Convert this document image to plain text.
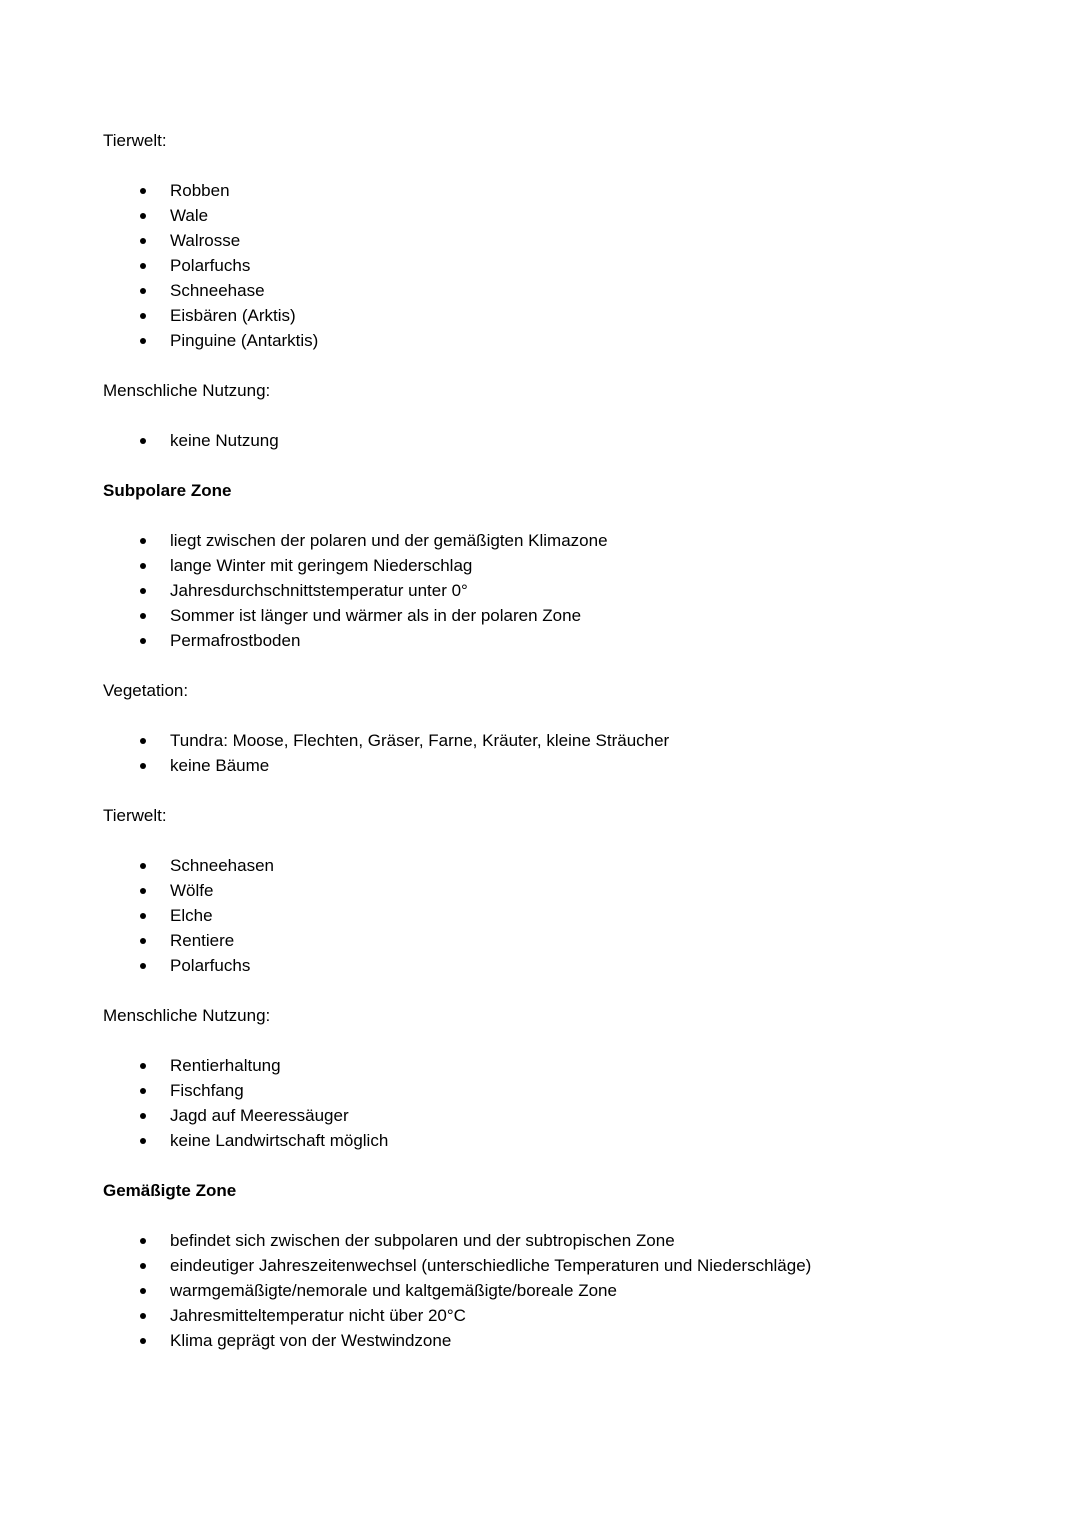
Tierwelt:

Robben
Wale
Walrosse
Polarfuchs
Schneehase
Eisbären (Arktis)
Pinguine (Antarktis)

Menschliche Nutzung:

keine Nutzung

Subpolare Zone

liegt zwischen der polaren und der gemäßigten Klimazone
lange Winter mit geringem Niederschlag
Jahresdurchschnittstemperatur unter 0°
Sommer ist länger und wärmer als in der polaren Zone
Permafrostboden

Vegetation:

Tundra: Moose, Flechten, Gräser, Farne, Kräuter, kleine Sträucher
keine Bäume

Tierwelt:

Schneehasen
Wölfe
Elche
Rentiere
Polarfuchs

Menschliche Nutzung:

Rentierhaltung
Fischfang
Jagd auf Meeressäuger
keine Landwirtschaft möglich

Gemäßigte Zone

befindet sich zwischen der subpolaren und der subtropischen Zone
eindeutiger Jahreszeitenwechsel (unterschiedliche Temperaturen und Niederschläge)
warmgemäßigte/nemorale und kaltgemäßigte/boreale Zone
Jahresmitteltemperatur nicht über 20°C
Klima geprägt von der Westwindzone
